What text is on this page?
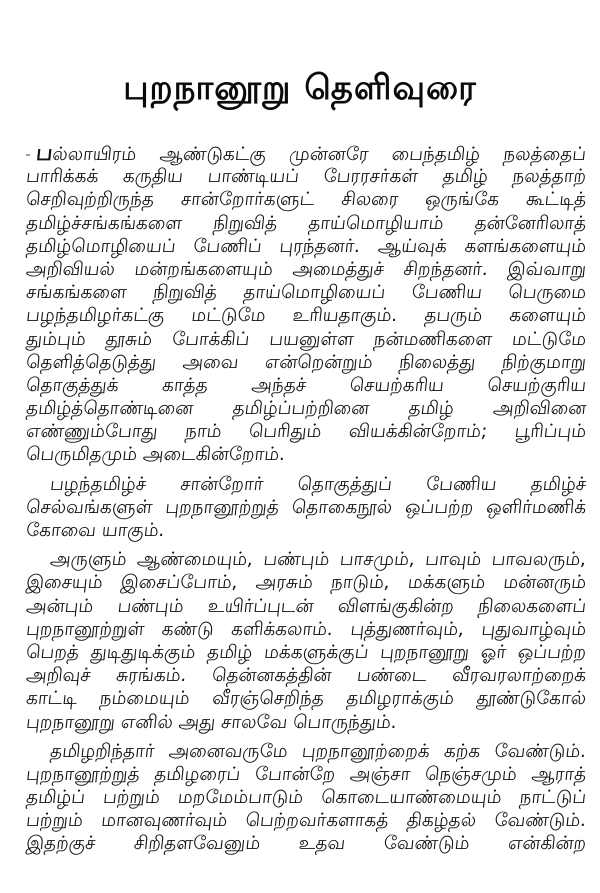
புறநானூறு தெளிவுரை
பல்லாயிரம் ஆண்டுகட்கு முன்னரே பைந்தமிழ் நலத்தைப்
பாரிக்கக் கருதிய பாண்டியப் பேரரசர்கள் தமிழ் நலத்தாற்
செறிவுற்றிருந்த சான்றோர்களுட் சிலரை ஒருங்கே கூட்டித்
தமிழ்ச்சங்கங்களை நிறுவித் தாய்மொழியாம் தன்னேரிலாத்
தமிழ்மொழியைப் பேணிப் புரந்தனர். ஆய்வுக் களங்களையும்
அறிவியல் மன்றங்களையும் அமைத்துச் சிறந்தனர். இவ்வாறு
சங்கங்களை நிறுவித் தாய்மொழியைப் பேணிய பெருமை
பழந்தமிழர்கட்கு மட்டுமே உரியதாகும். தபரும் களையும்
தும்பும் தூசும் போக்கிப் பயனுள்ள நன்மணிகளை மட்டுமே
தெளித்தெடுத்து அவை என்றென்றும் நிலைத்து நிற்குமாறு
தொகுத்துக் காத்த அந்தச் செயற்கரிய செயற்குரிய
தமிழ்த்தொண்டினை தமிழ்ப்பற்றினை தமிழ் அறிவினை
எண்ணும்போது நாம் பெரிதும் வியக்கின்றோம்; பூரிப்பும்
பெருமிதமும் அடைகின்றோம்.
பழந்தமிழ்ச் சான்றோர் தொகுத்துப் பேணிய தமிழ்ச்
செல்வங்களுள் புறநானூற்றுத் தொகைநூல் ஒப்பற்ற ஒளிர்மணிக்
கோவை யாகும்.
அருளும் ஆண்மையும், பண்பும் பாசமும், பாவும் பாவலரும்,
இசையும் இசைப்போம், அரசும் நாடும், மக்களும் மன்னரும்
அன்பும் பண்பும் உயிர்ப்புடன் விளங்குகின்ற நிலைகளைப்
புறநானூற்றுள் கண்டு களிக்கலாம். புத்துணர்வும், புதுவாழ்வும்
பெறத் துடிதுடிக்கும் தமிழ் மக்களுக்குப் புறநானூறு ஓர் ஒப்பற்ற
அறிவுச் சுரங்கம். தென்னகத்தின் பண்டை வீரவரலாற்றைக்
காட்டி நம்மையும் வீரஞ்செறிந்த தமிழராக்கும் தூண்டுகோல்
புறநானூறு எனில் அது சாலவே பொருந்தும்.
தமிழறிந்தார் அனைவருமே புறநானூற்றைக் கற்க வேண்டும்.
புறநானூற்றுத் தமிழரைப் போன்றே அஞ்சா நெஞ்சமும் ஆராத்
தமிழ்ப் பற்றும் மறமேம்பாடும் கொடையாண்மையும் நாட்டுப்
பற்றும் மானவுணர்வும் பெற்றவர்களாகத் திகழ்தல் வேண்டும்.
இதற்குச் சிறிதளவேனும் உதவ வேண்டும் என்கின்ற
